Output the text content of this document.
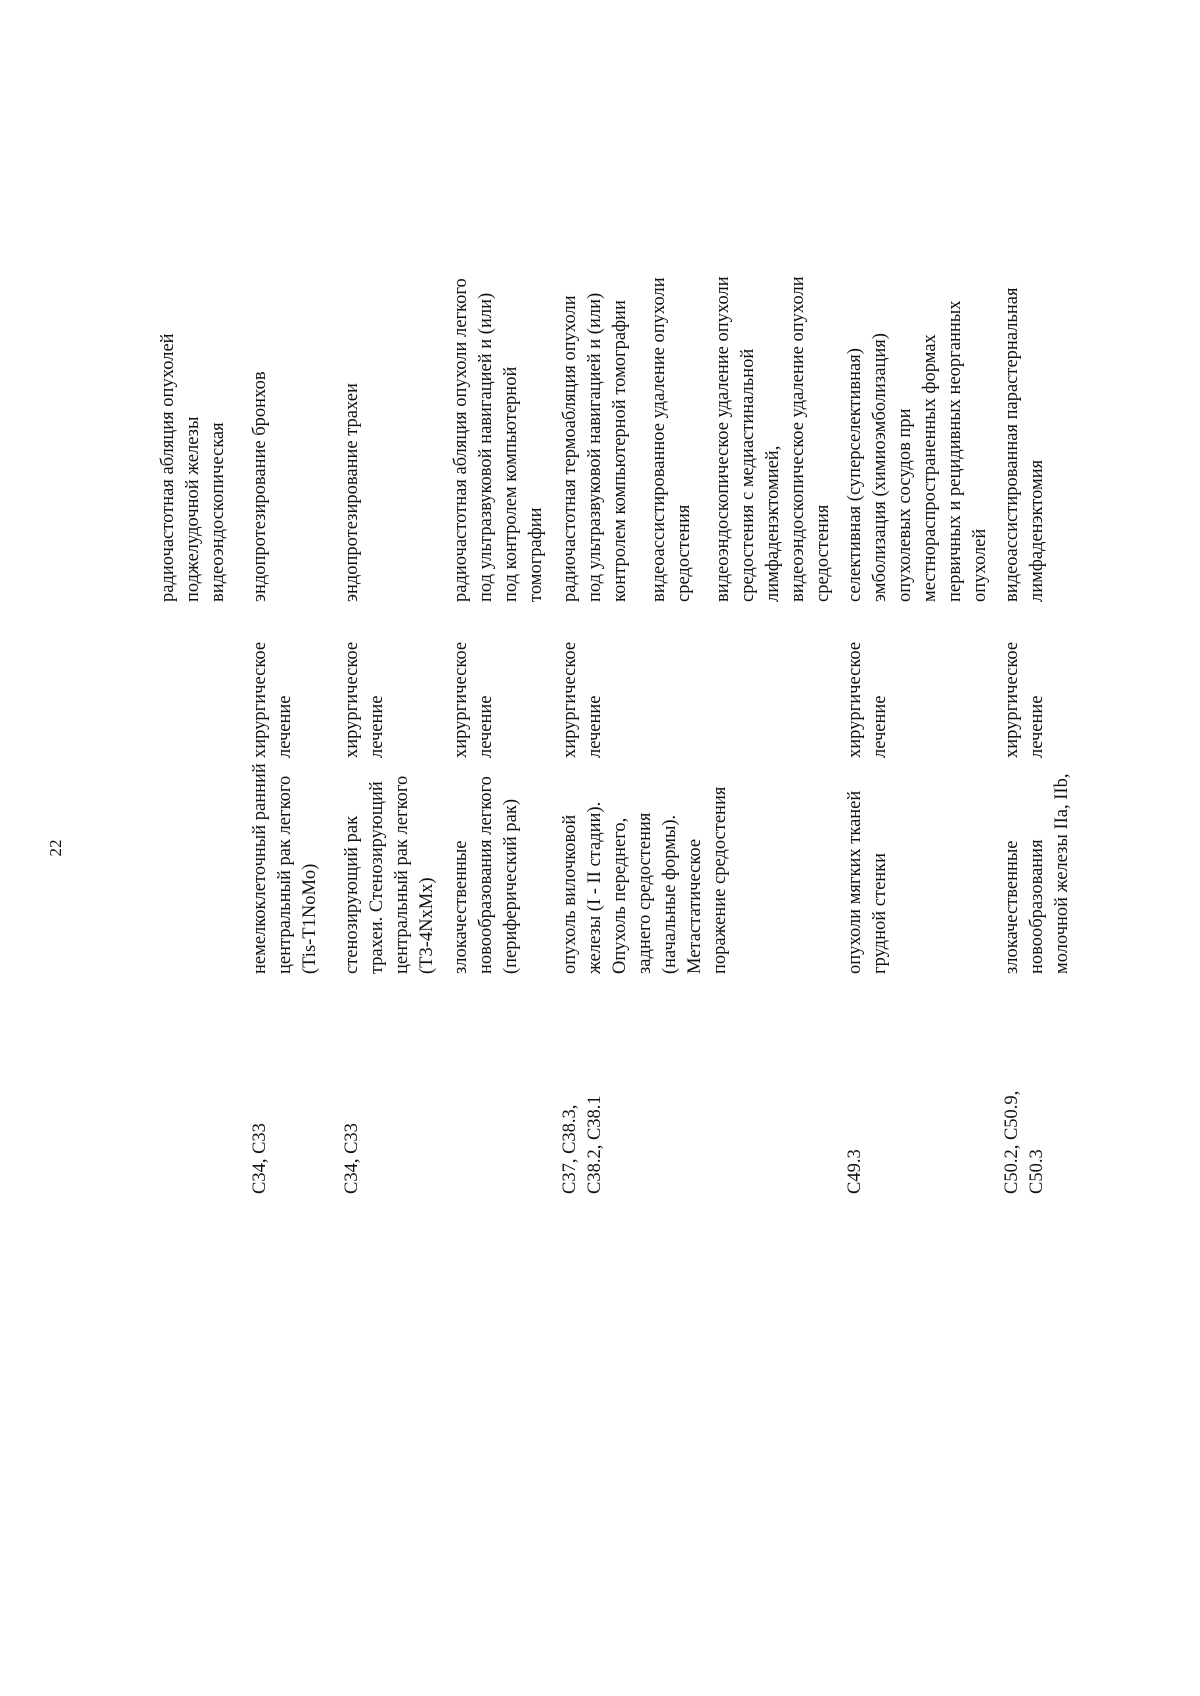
22

радиочастотная абляция опухолей поджелудочной железы видеоэндоскопическая

C34, C33
немелкоклеточный ранний центральный рак легкого (Tis-T1NoMo)
хирургическое лечение

эндопротезирование бронхов

C34, C33
стенозирующий рак трахеи. Стенозирующий центральный рак легкого (T3-4NxMx)
хирургическое лечение

эндопротезирование трахеи

злокачественные новообразования легкого (периферический рак)
хирургическое лечение

радиочастотная абляция опухоли легкого под ультразвуковой навигацией и (или) под контролем компьютерной томографии

C37, C38.3, C38.2, C38.1
опухоль вилочковой железы (I - II стадии). Опухоль переднего, заднего средостения (начальные формы). Метастатическое поражение средостения
хирургическое лечение

радиочастотная термоабляция опухоли под ультразвуковой навигацией и (или) контролем компьютерной томографии видеоассистированное удаление опухоли средостения видеоэндоскопическое удаление опухоли средостения с медиастинальной лимфаденэктомией, видеоэндоскопическое удаление опухоли средостения

C49.3
опухоли мягких тканей грудной стенки
хирургическое лечение

селективная (суперселективная) эмболизация (химиоэмболизация) опухолевых сосудов при местнораспространенных формах первичных и рецидивных неорганных опухолей

C50.2, C50.9, C50.3
злокачественные новообразования молочной железы IIa, IIb,
хирургическое лечение

видеоассистированная парастернальная лимфаденэктомия
